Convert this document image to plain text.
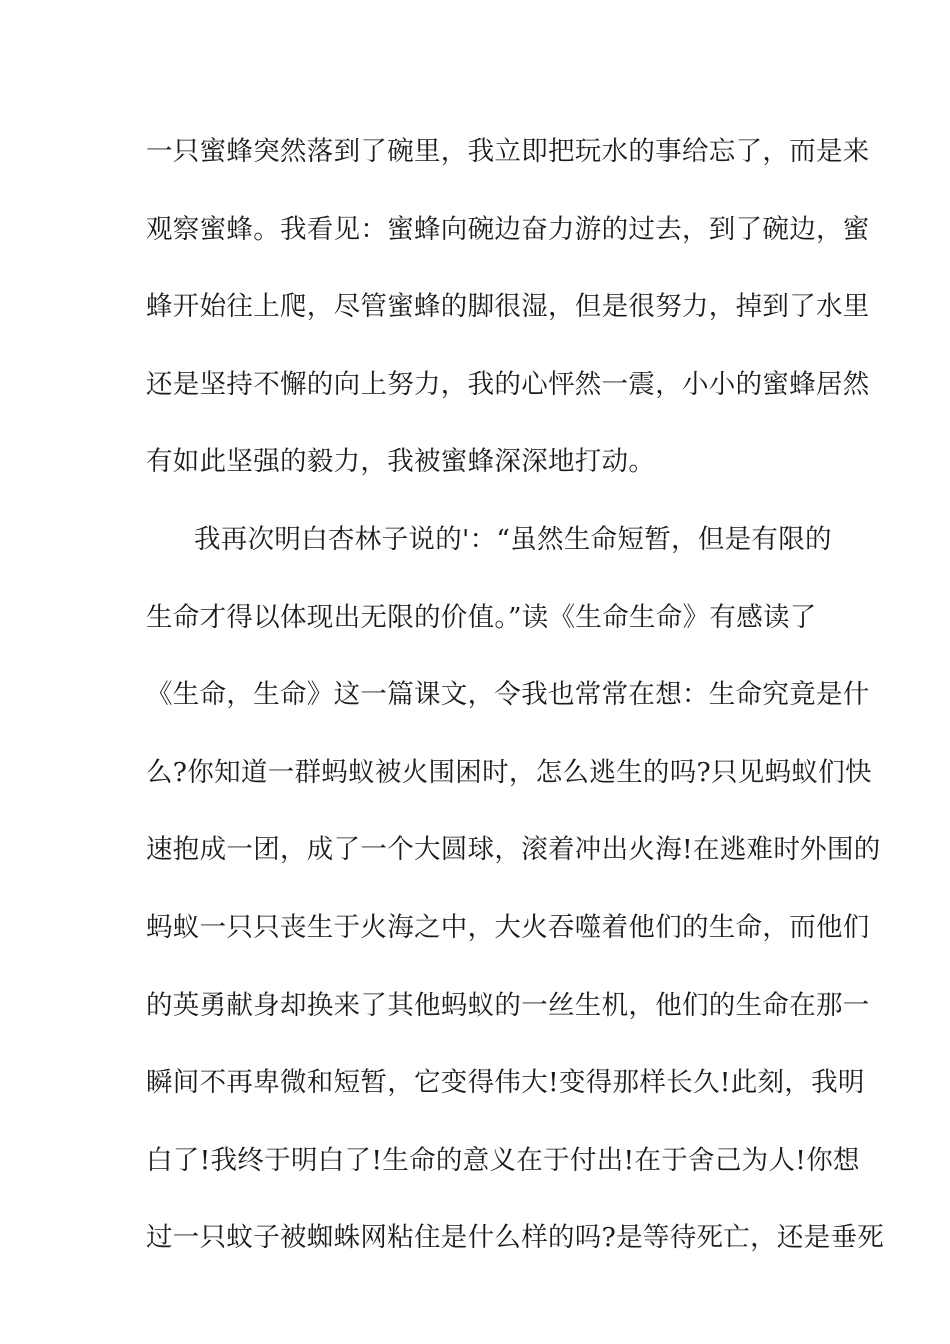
一只蜜蜂突然落到了碗里，我立即把玩水的事给忘了，而是来
观察蜜蜂。我看见：蜜蜂向碗边奋力游的过去，到了碗边，蜜
蜂开始往上爬，尽管蜜蜂的脚很湿，但是很努力，掉到了水里
还是坚持不懈的向上努力，我的心怦然一震，小小的蜜蜂居然
有如此坚强的毅力，我被蜜蜂深深地打动。
我再次明白杏林子说的'：“虽然生命短暂，但是有限的
生命才得以体现出无限的价值。”读《生命生命》有感读了
《生命，生命》这一篇课文，令我也常常在想：生命究竟是什
么?你知道一群蚂蚁被火围困时，怎么逃生的吗?只见蚂蚁们快
速抱成一团，成了一个大圆球，滚着冲出火海!在逃难时外围的
蚂蚁一只只丧生于火海之中，大火吞噬着他们的生命，而他们
的英勇献身却换来了其他蚂蚁的一丝生机，他们的生命在那一
瞬间不再卑微和短暂，它变得伟大!变得那样长久!此刻，我明
白了!我终于明白了!生命的意义在于付出!在于舍己为人!你想
过一只蚊子被蜘蛛网粘住是什么样的吗?是等待死亡，还是垂死
